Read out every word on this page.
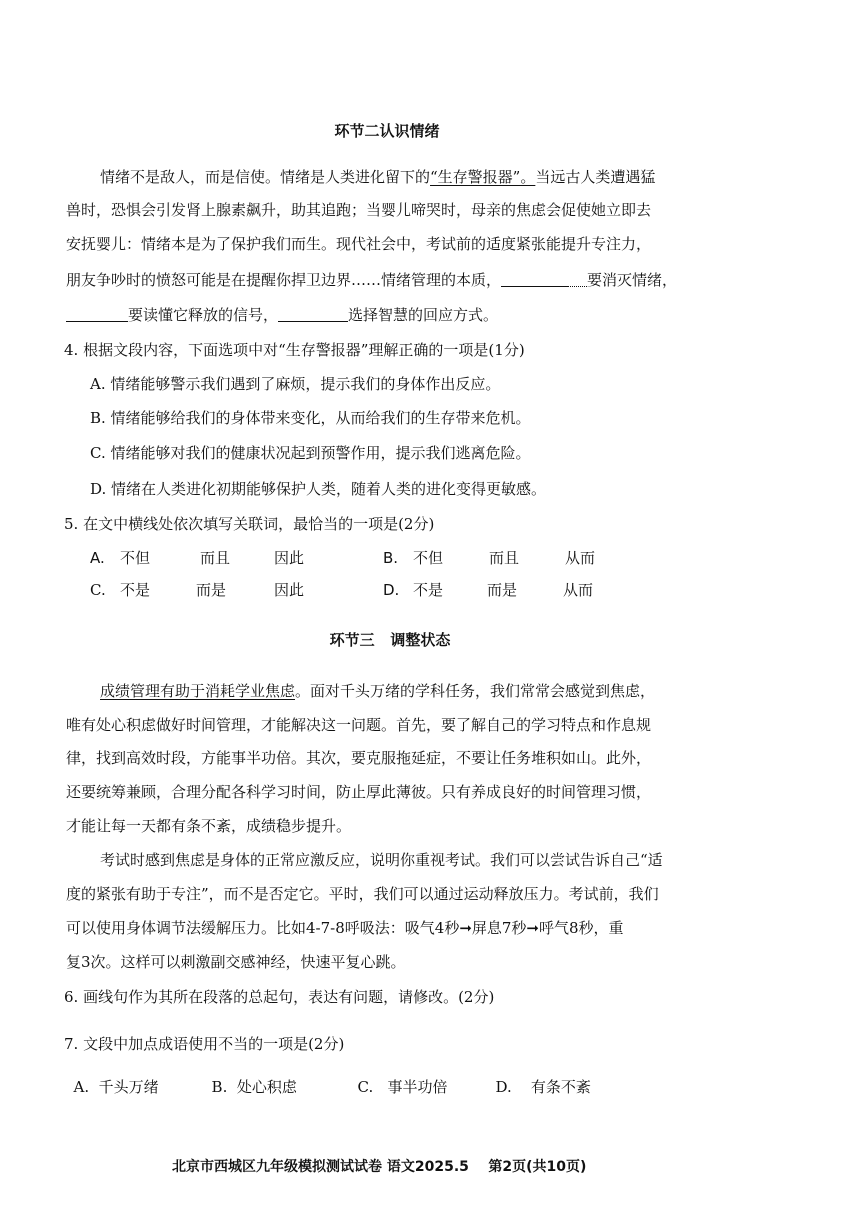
环节二认识情绪
情绪不是敌人，而是信使。情绪是人类进化留下的“生存警报器”。当远古人类遭遇猛
兽时，恐惧会引发肾上腺素飙升，助其追跑；当婴儿啼哭时，母亲的焦虑会促使她立即去
安抚婴儿：情绪本是为了保护我们而生。现代社会中，考试前的适度紧张能提升专注力，
朋友争吵时的愤怒可能是在提醒你捍卫边界……情绪管理的本质，	要消灭情绪，
要读懂它释放的信号，	选择智慧的回应方式。
4. 根据文段内容，下面选项中对“生存警报器”理解正确的一项是(1分)
A. 情绪能够警示我们遇到了麻烦，提示我们的身体作出反应。
B. 情绪能够给我们的身体带来变化，从而给我们的生存带来危机。
C. 情绪能够对我们的健康状况起到预警作用，提示我们逃离危险。
D. 情绪在人类进化初期能够保护人类，随着人类的进化变得更敏感。
5. 在文中横线处依次填写关联词，最恰当的一项是(2分)
A. 不但	而且	因此	B. 不但	而且	从而
C. 不是	而是	因此	D. 不是	而是	从而
环节三   调整状态
成绩管理有助于消耗学业焦虑。面对千头万绪的学科任务，我们常常会感觉到焦虑，
唯有处心积虑做好时间管理，才能解决这一问题。首先，要了解自己的学习特点和作息规
律，找到高效时段，方能事半功倍。其次，要克服拖延症，不要让任务堆积如山。此外，
还要统筹兼顾，合理分配各科学习时间，防止厚此薄彼。只有养成良好的时间管理习惯，
才能让每一天都有条不紊，成绩稳步提升。
考试时感到焦虑是身体的正常应激反应，说明你重视考试。我们可以尝试告诉自己“适
度的紧张有助于专注”，而不是否定它。平时，我们可以通过运动释放压力。考试前，我们
可以使用身体调节法缓解压力。比如4-7-8呼吸法：吸气4秒➞屏息7秒➞呼气8秒，重
复3次。这样可以刺激副交感神经，快速平复心跳。
6. 画线句作为其所在段落的总起句，表达有问题，请修改。(2分)
7. 文段中加点成语使用不当的一项是(2分)

A.  千头万绪	B.  处心积虑	C.   事半功倍	D.    有条不紊

北京市西城区九年级模拟测试试卷 语文2025.5    第2页(共10页)
